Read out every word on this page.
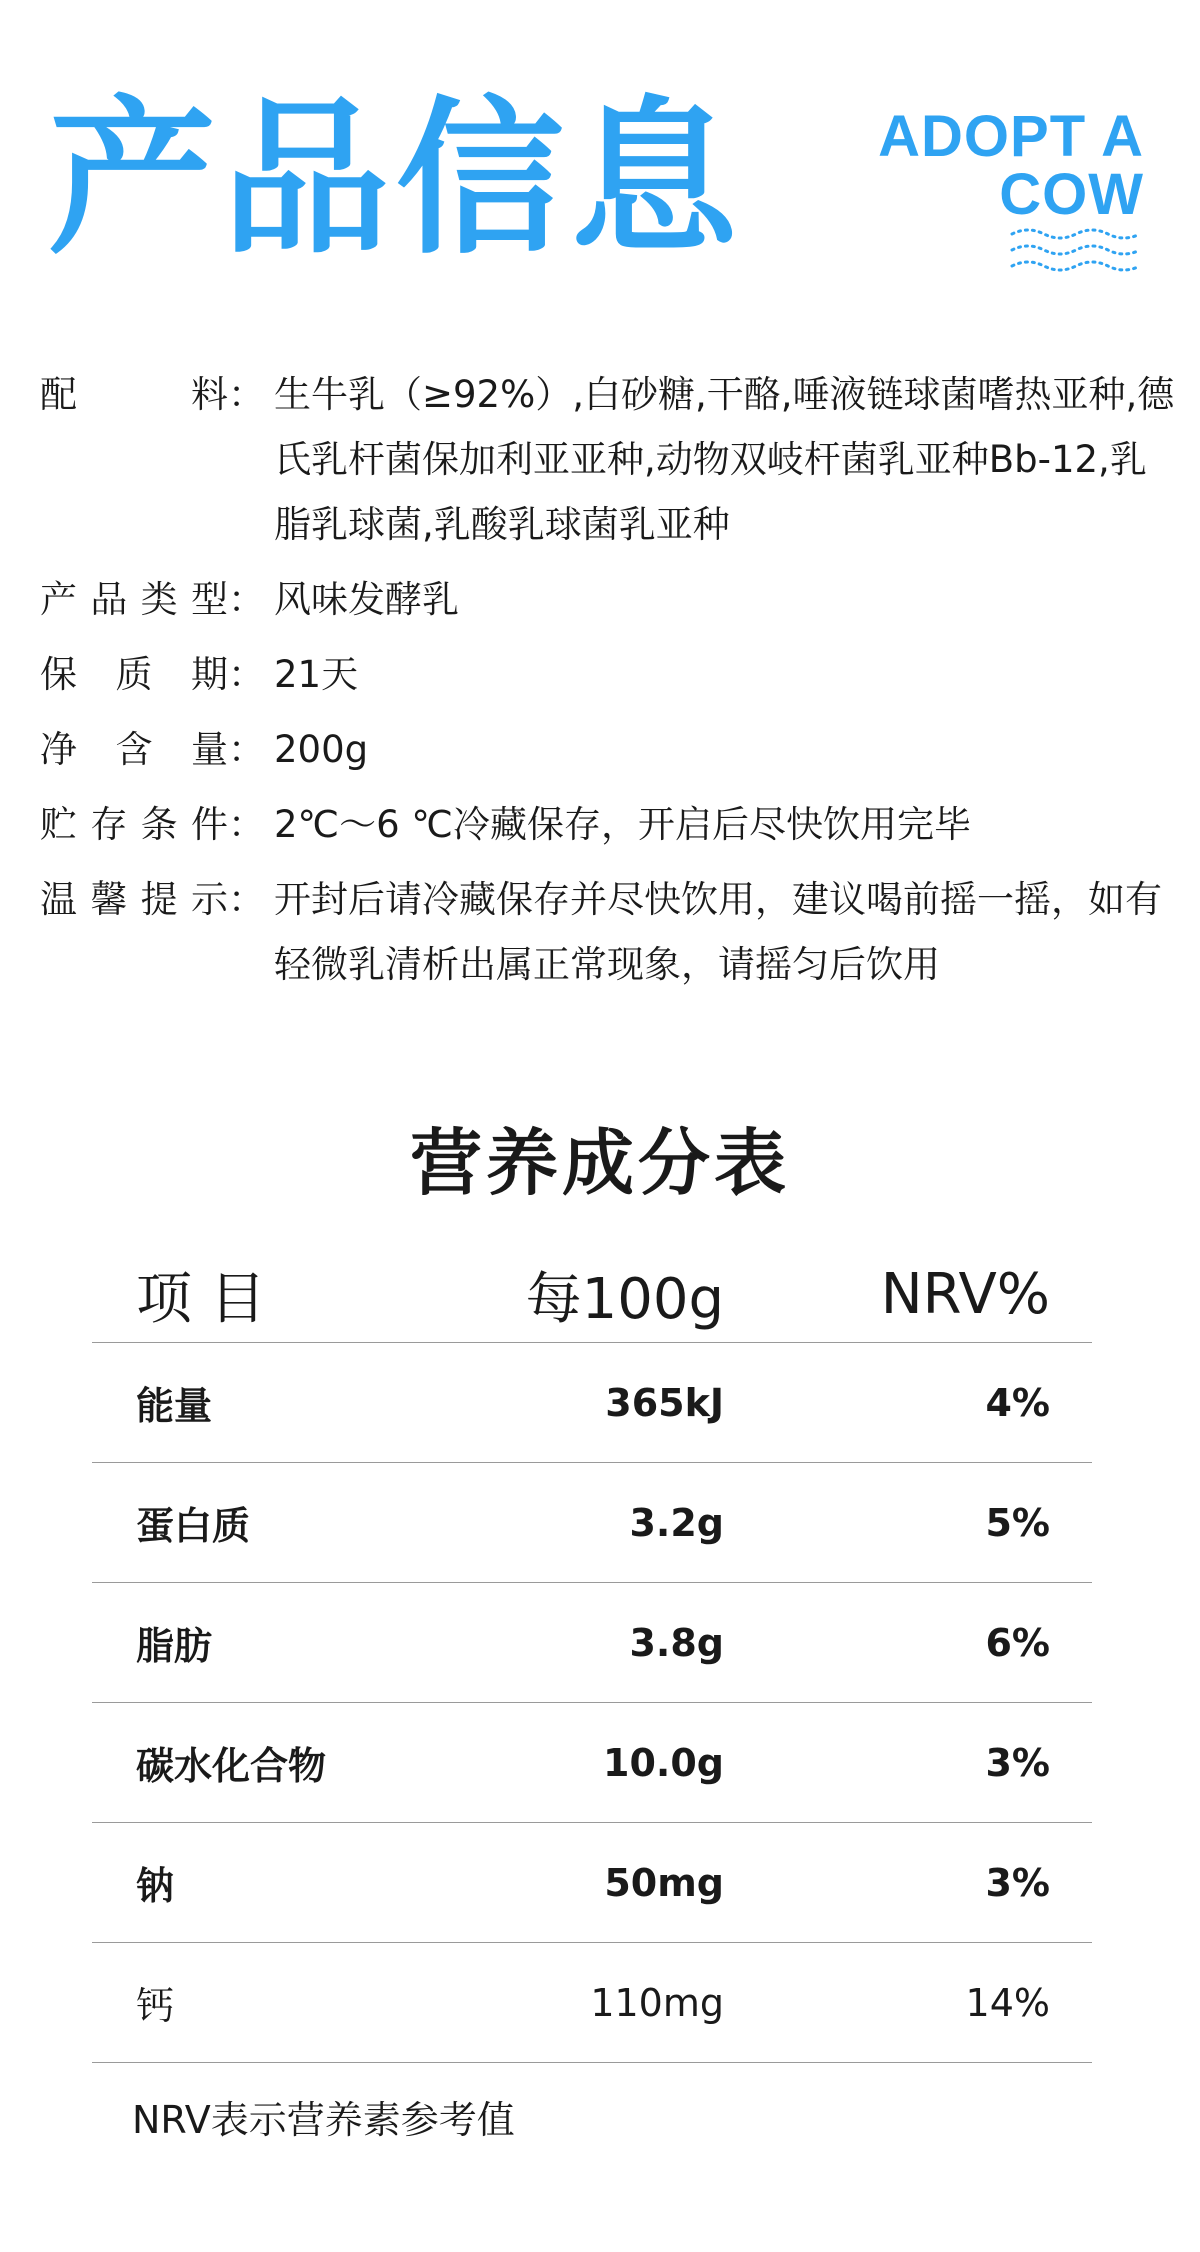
产品信息 ADOPT A
COW
配	料 ： 生牛乳（≥92%）,白砂糖,干酪,唾液链球菌嗜热亚种,德氏乳杆菌保加利亚亚种,动物双岐杆菌乳亚种Bb-12,乳脂乳球菌,乳酸乳球菌乳亚种
产 品 类 型 ： 风味发酵乳
保 质 期 ： 21天
净 含 量 ： 200g
贮 存 条 件 ： 2℃～6 ℃冷藏保存，开启后尽快饮用完毕
温 馨 提 示 ： 开封后请冷藏保存并尽快饮用，建议喝前摇一摇，如有轻微乳清析出属正常现象，请摇匀后饮用
营养成分表
项 目	每100g	NRV%
能量	365kJ	4%
蛋白质	3.2g	5%
脂肪	3.8g	6%
碳水化合物	10.0g	3%
钠	50mg	3%
钙	110mg	14%
NRV表示营养素参考值
